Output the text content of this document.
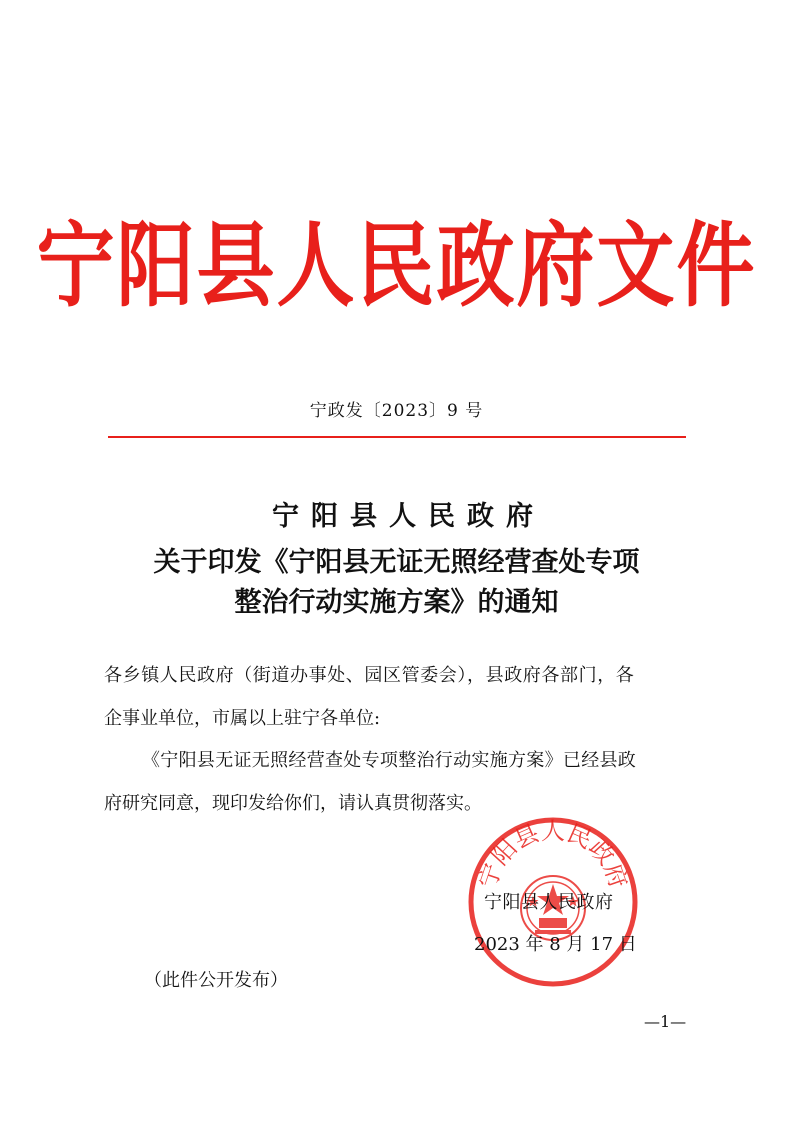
宁阳县人民政府文件
宁政发〔2023〕9 号
宁阳县人民政府
关于印发《宁阳县无证无照经营查处专项
整治行动实施方案》的通知
各乡镇人民政府（街道办事处、园区管委会），县政府各部门，各
企事业单位，市属以上驻宁各单位:
《宁阳县无证无照经营查处专项整治行动实施方案》已经县政
府研究同意，现印发给你们，请认真贯彻落实。
宁阳县人民政府
宁阳县人民政府
2023 年 8 月 17 日
（此件公开发布）
—1—
